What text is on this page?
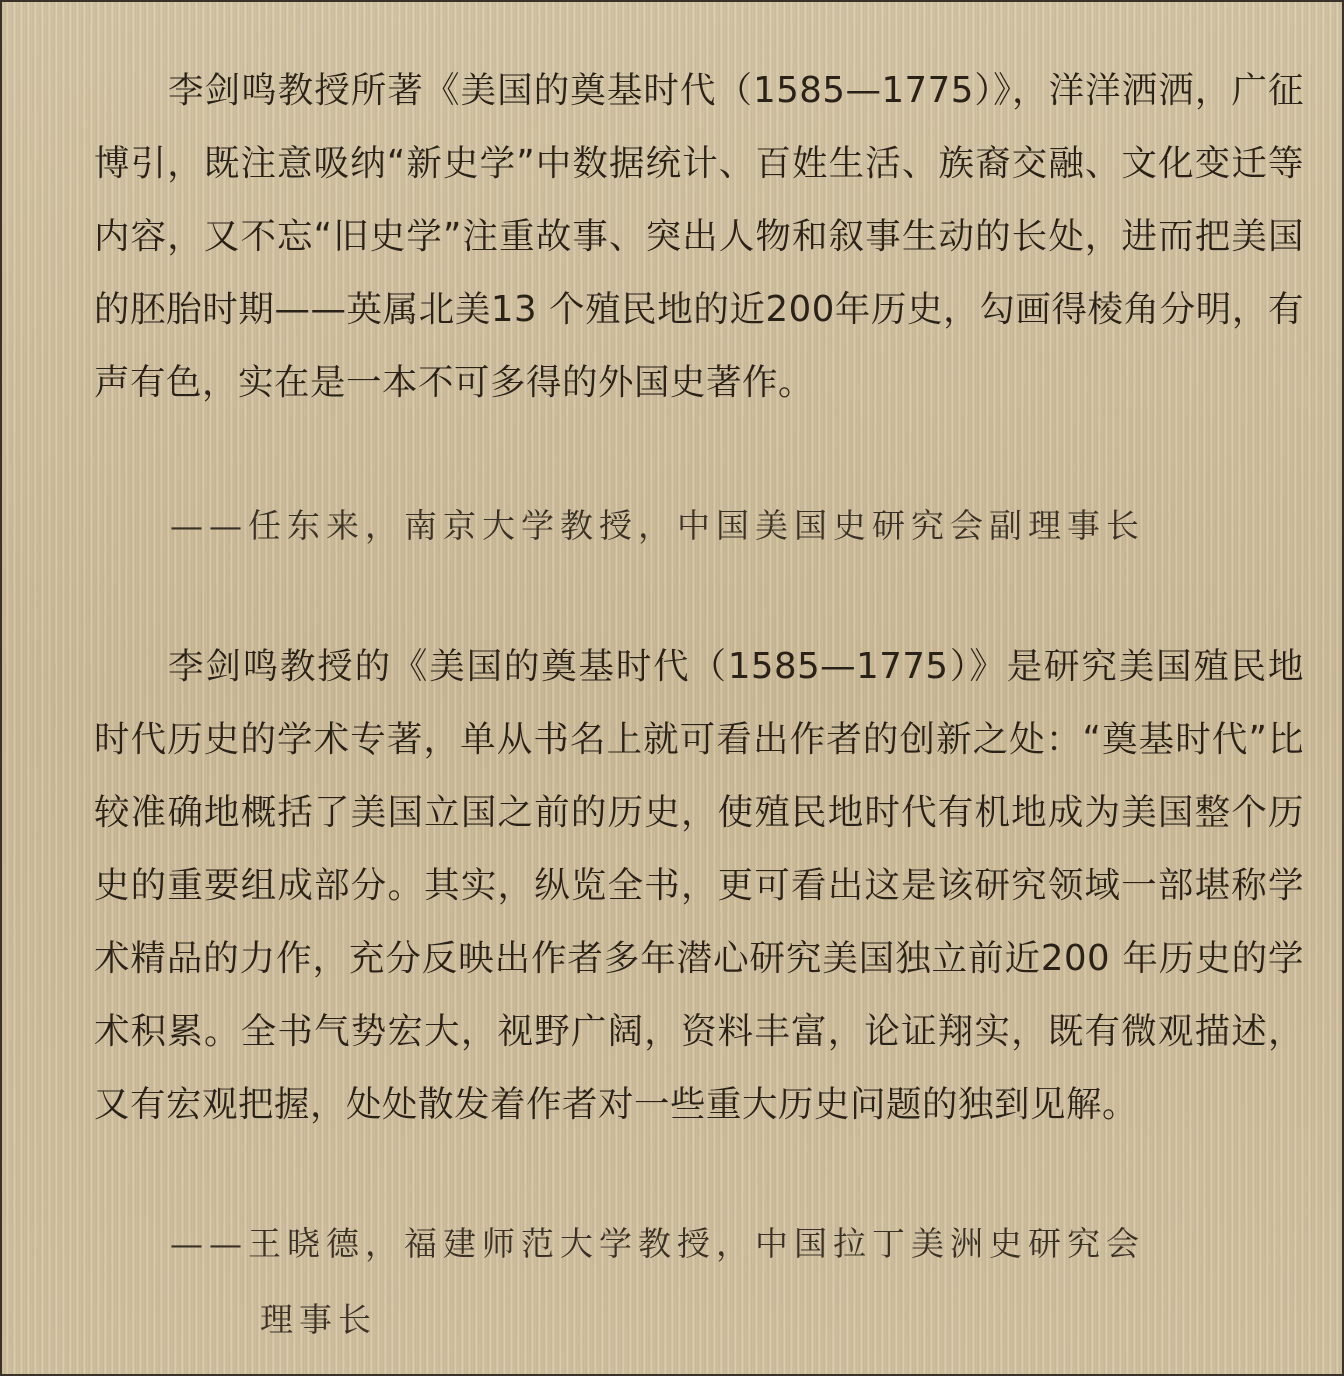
李剑鸣教授所著《美国的奠基时代（1585—1775）》，洋洋洒洒，广征博引，既注意吸纳“新史学”中数据统计、百姓生活、族裔交融、文化变迁等内容，又不忘“旧史学”注重故事、突出人物和叙事生动的长处，进而把美国的胚胎时期——英属北美13 个殖民地的近200年历史，勾画得棱角分明，有声有色，实在是一本不可多得的外国史著作。

——任东来，南京大学教授，中国美国史研究会副理事长

李剑鸣教授的《美国的奠基时代（1585—1775）》是研究美国殖民地时代历史的学术专著，单从书名上就可看出作者的创新之处：“奠基时代”比较准确地概括了美国立国之前的历史，使殖民地时代有机地成为美国整个历史的重要组成部分。其实，纵览全书，更可看出这是该研究领域一部堪称学术精品的力作，充分反映出作者多年潜心研究美国独立前近200 年历史的学术积累。全书气势宏大，视野广阔，资料丰富，论证翔实，既有微观描述，又有宏观把握，处处散发着作者对一些重大历史问题的独到见解。

——王晓德，福建师范大学教授，中国拉丁美洲史研究会

理事长
